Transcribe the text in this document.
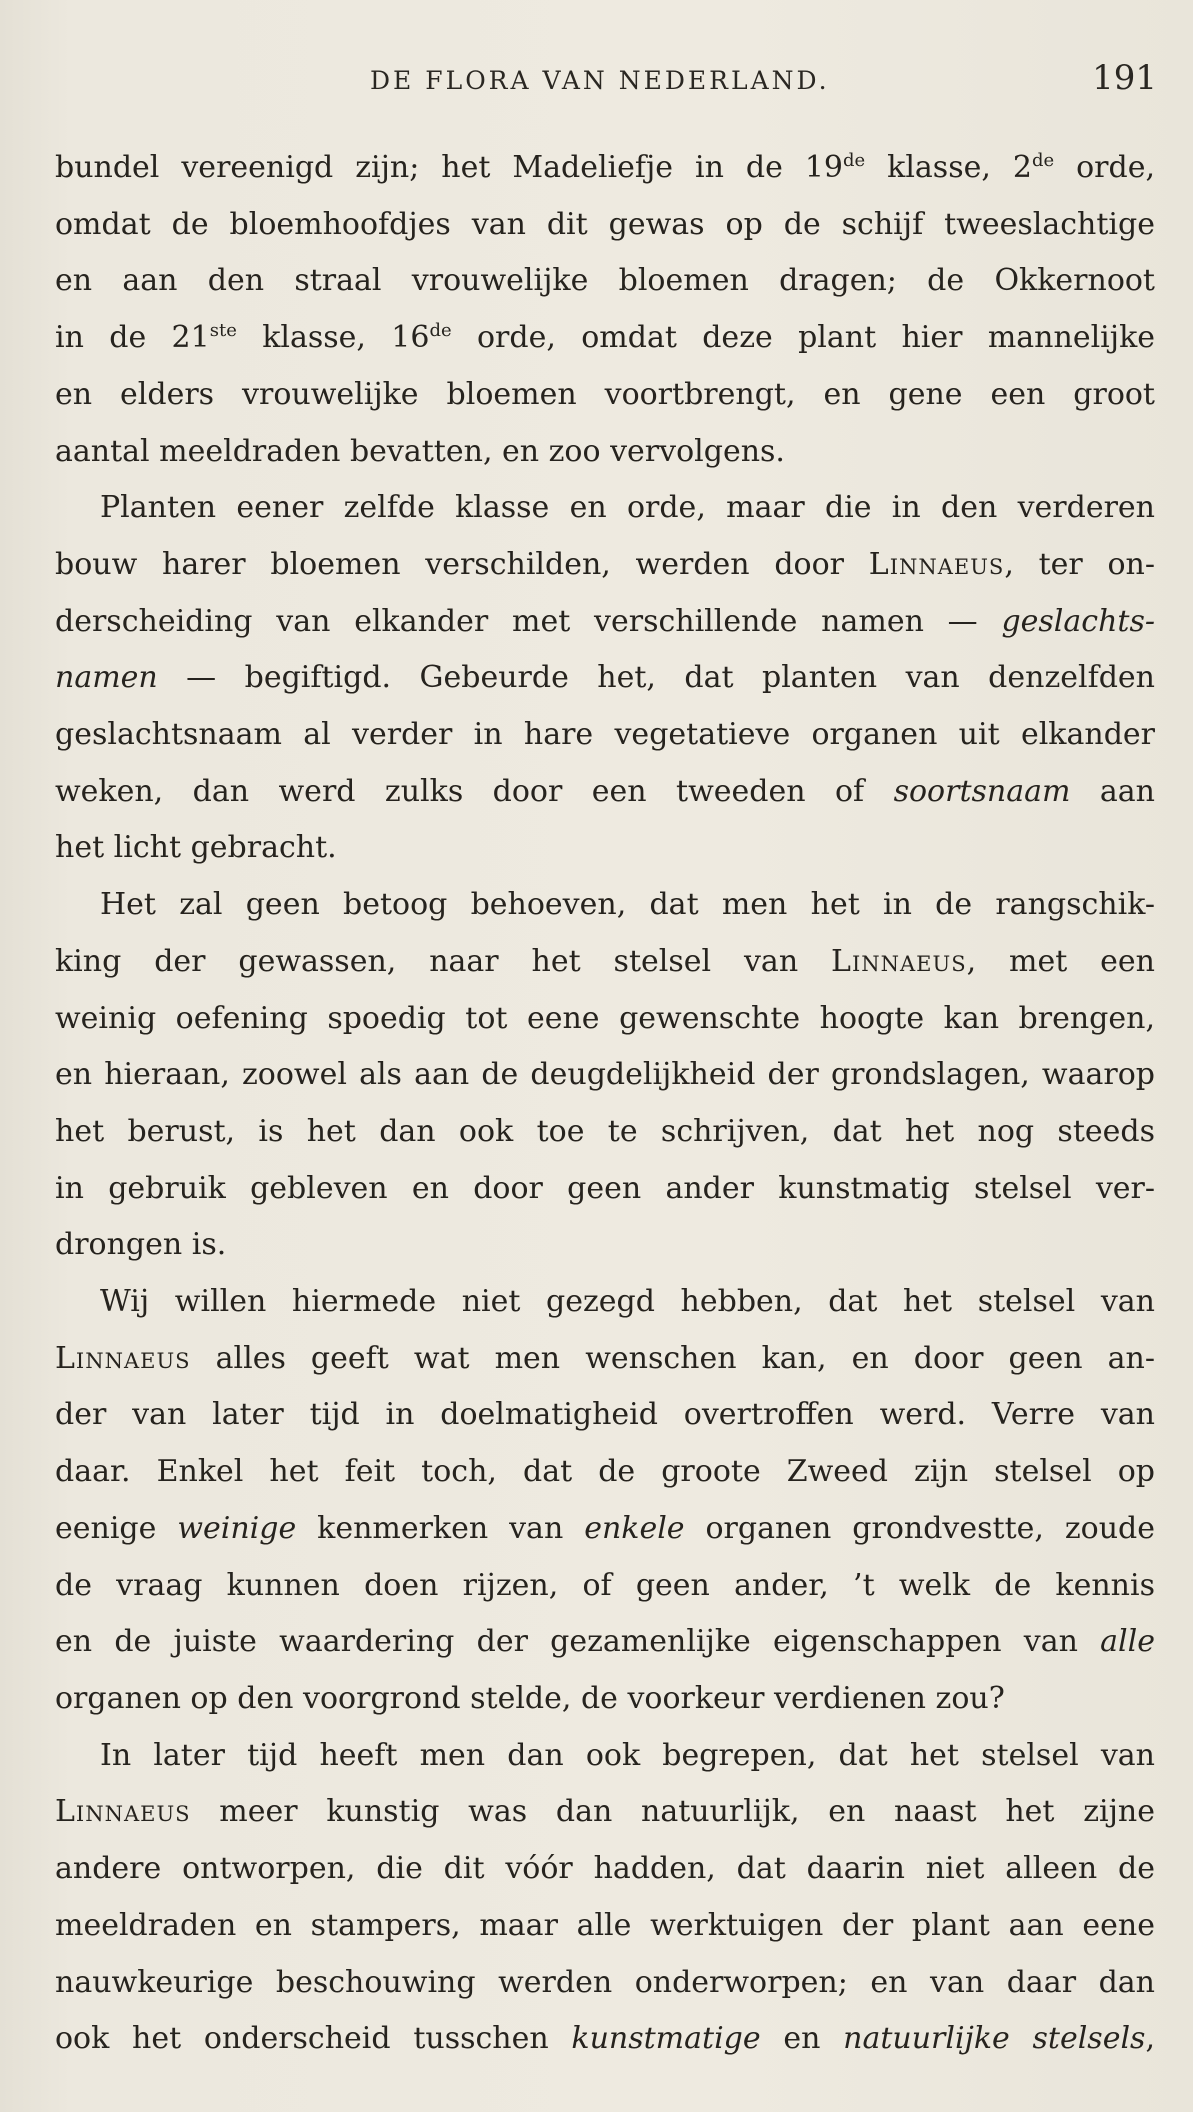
DE FLORA VAN NEDERLAND.	191
bundel vereenigd zijn; het Madeliefje in de 19de klasse, 2de orde,
omdat de bloemhoofdjes van dit gewas op de schijf tweeslachtige
en aan den straal vrouwelijke bloemen dragen; de Okkernoot
in de 21ste klasse, 16de orde, omdat deze plant hier mannelijke
en elders vrouwelijke bloemen voortbrengt, en gene een groot
aantal meeldraden bevatten, en zoo vervolgens.
Planten eener zelfde klasse en orde, maar die in den verderen
bouw harer bloemen verschilden, werden door Linnaeus, ter on-
derscheiding van elkander met verschillende namen — geslachts-
namen — begiftigd. Gebeurde het, dat planten van denzelfden
geslachtsnaam al verder in hare vegetatieve organen uit elkander
weken, dan werd zulks door een tweeden of soortsnaam aan
het licht gebracht.
Het zal geen betoog behoeven, dat men het in de rangschik-
king der gewassen, naar het stelsel van Linnaeus, met een
weinig oefening spoedig tot eene gewenschte hoogte kan brengen,
en hieraan, zoowel als aan de deugdelijkheid der grondslagen, waarop
het berust, is het dan ook toe te schrijven, dat het nog steeds
in gebruik gebleven en door geen ander kunstmatig stelsel ver-
drongen is.
Wij willen hiermede niet gezegd hebben, dat het stelsel van
Linnaeus alles geeft wat men wenschen kan, en door geen an-
der van later tijd in doelmatigheid overtroffen werd. Verre van
daar. Enkel het feit toch, dat de groote Zweed zijn stelsel op
eenige weinige kenmerken van enkele organen grondvestte, zoude
de vraag kunnen doen rijzen, of geen ander, ’t welk de kennis
en de juiste waardering der gezamenlijke eigenschappen van alle
organen op den voorgrond stelde, de voorkeur verdienen zou?
In later tijd heeft men dan ook begrepen, dat het stelsel van
Linnaeus meer kunstig was dan natuurlijk, en naast het zijne
andere ontworpen, die dit vóór hadden, dat daarin niet alleen de
meeldraden en stampers, maar alle werktuigen der plant aan eene
nauwkeurige beschouwing werden onderworpen; en van daar dan
ook het onderscheid tusschen kunstmatige en natuurlijke stelsels,
